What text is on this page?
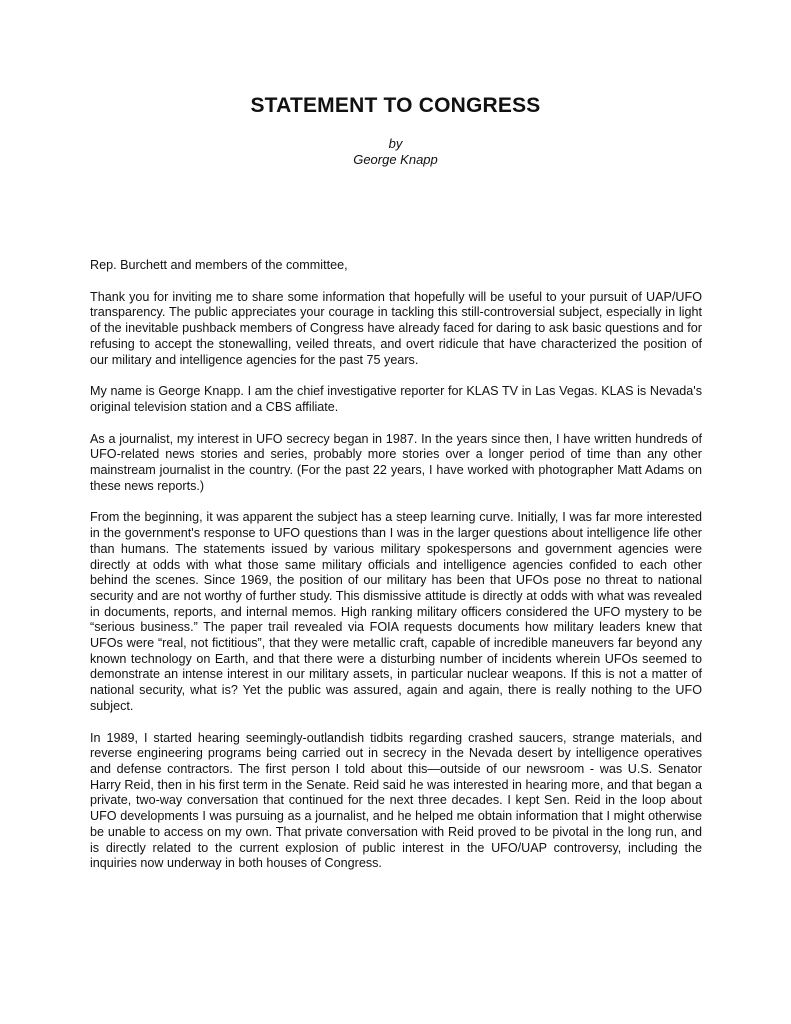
STATEMENT TO CONGRESS
by
George Knapp

Rep. Burchett and members of the committee,

Thank you for inviting me to share some information that hopefully will be useful to your pursuit of UAP/UFO transparency. The public appreciates your courage in tackling this still-controversial subject, especially in light of the inevitable pushback members of Congress have already faced for daring to ask basic questions and for refusing to accept the stonewalling, veiled threats, and overt ridicule that have characterized the position of our military and intelligence agencies for the past 75 years.

My name is George Knapp. I am the chief investigative reporter for KLAS TV in Las Vegas. KLAS is Nevada's original television station and a CBS affiliate.

As a journalist, my interest in UFO secrecy began in 1987. In the years since then, I have written hundreds of UFO-related news stories and series, probably more stories over a longer period of time than any other mainstream journalist in the country. (For the past 22 years, I have worked with photographer Matt Adams on these news reports.)

From the beginning, it was apparent the subject has a steep learning curve. Initially, I was far more interested in the government's response to UFO questions than I was in the larger questions about intelligence life other than humans. The statements issued by various military spokespersons and government agencies were directly at odds with what those same military officials and intelligence agencies confided to each other behind the scenes. Since 1969, the position of our military has been that UFOs pose no threat to national security and are not worthy of further study. This dismissive attitude is directly at odds with what was revealed in documents, reports, and internal memos. High ranking military officers considered the UFO mystery to be “serious business.” The paper trail revealed via FOIA requests documents how military leaders knew that UFOs were “real, not fictitious”, that they were metallic craft, capable of incredible maneuvers far beyond any known technology on Earth, and that there were a disturbing number of incidents wherein UFOs seemed to demonstrate an intense interest in our military assets, in particular nuclear weapons. If this is not a matter of national security, what is? Yet the public was assured, again and again, there is really nothing to the UFO subject.

In 1989, I started hearing seemingly-outlandish tidbits regarding crashed saucers, strange materials, and reverse engineering programs being carried out in secrecy in the Nevada desert by intelligence operatives and defense contractors. The first person I told about this—outside of our newsroom - was U.S. Senator Harry Reid, then in his first term in the Senate. Reid said he was interested in hearing more, and that began a private, two-way conversation that continued for the next three decades. I kept Sen. Reid in the loop about UFO developments I was pursuing as a journalist, and he helped me obtain information that I might otherwise be unable to access on my own. That private conversation with Reid proved to be pivotal in the long run, and is directly related to the current explosion of public interest in the UFO/UAP controversy, including the inquiries now underway in both houses of Congress.
